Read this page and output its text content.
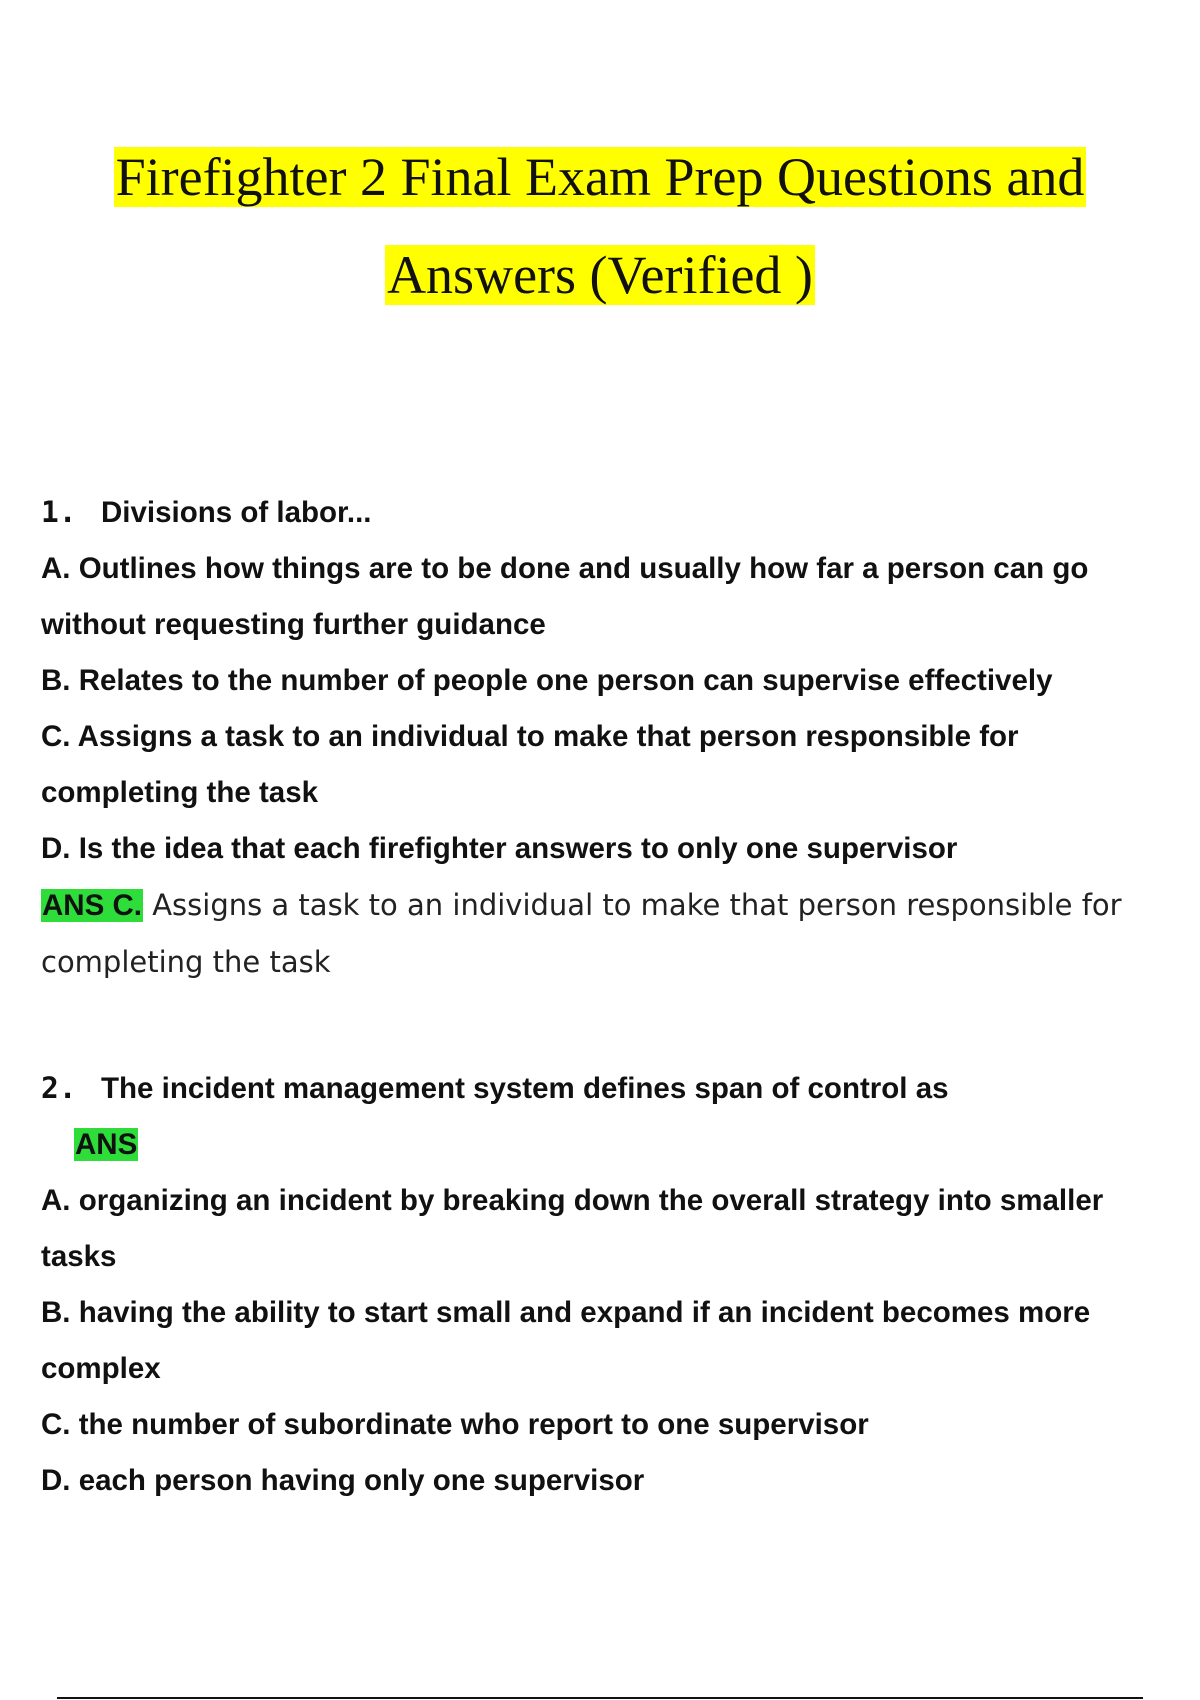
Firefighter 2 Final Exam Prep Questions and
Answers (Verified )
1. Divisions of labor...
A. Outlines how things are to be done and usually how far a person can go without requesting further guidance
B. Relates to the number of people one person can supervise effectively
C. Assigns a task to an individual to make that person responsible for completing the task
D. Is the idea that each firefighter answers to only one supervisor
ANS C. Assigns a task to an individual to make that person responsible for completing the task
2. The incident management system defines span of control as
ANS
A. organizing an incident by breaking down the overall strategy into smaller tasks
B. having the ability to start small and expand if an incident becomes more complex
C. the number of subordinate who report to one supervisor
D. each person having only one supervisor
